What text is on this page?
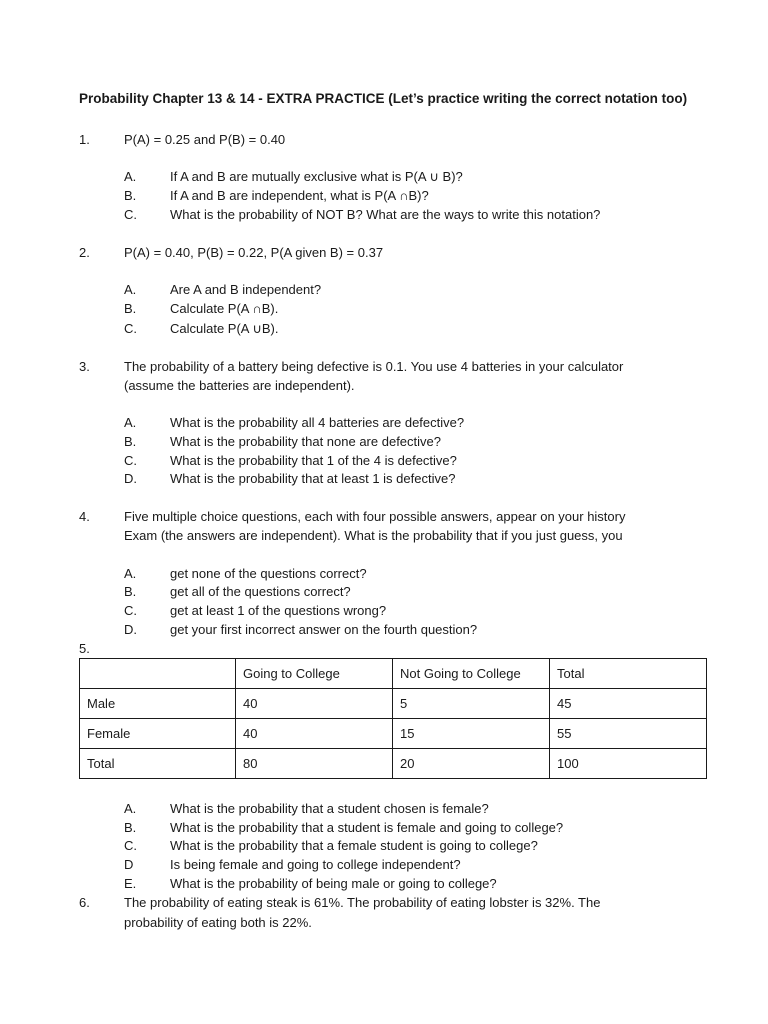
Probability Chapter 13 & 14 - EXTRA PRACTICE (Let’s practice writing the correct notation too)
1.	P(A) = 0.25 and P(B) = 0.40
A.	If A and B are mutually exclusive what is P(A ∪ B)?
B.	If A and B are independent, what is P(A ∩B)?
C.	What is the probability of NOT B? What are the ways to write this notation?
2.	P(A) = 0.40, P(B) = 0.22, P(A given B) = 0.37
A.	Are A and B independent?
B.	Calculate P(A ∩B).
C.	Calculate P(A ∪B).
3.	The probability of a battery being defective is 0.1. You use 4 batteries in your calculator
(assume the batteries are independent).
A.	What is the probability all 4 batteries are defective?
B.	What is the probability that none are defective?
C.	What is the probability that 1 of the 4 is defective?
D.	What is the probability that at least 1 is defective?
4.	Five multiple choice questions, each with four possible answers, appear on your history
Exam (the answers are independent). What is the probability that if you just guess, you
A.	get none of the questions correct?
B.	get all of the questions correct?
C.	get at least 1 of the questions wrong?
D.	get your first incorrect answer on the fourth question?
5.
	Going to College	Not Going to College	Total
Male	40	5	45
Female	40	15	55
Total	80	20	100
A.	What is the probability that a student chosen is female?
B.	What is the probability that a student is female and going to college?
C.	What is the probability that a female student is going to college?
D	Is being female and going to college independent?
E.	What is the probability of being male or going to college?
6.	The probability of eating steak is 61%. The probability of eating lobster is 32%. The
probability of eating both is 22%.
